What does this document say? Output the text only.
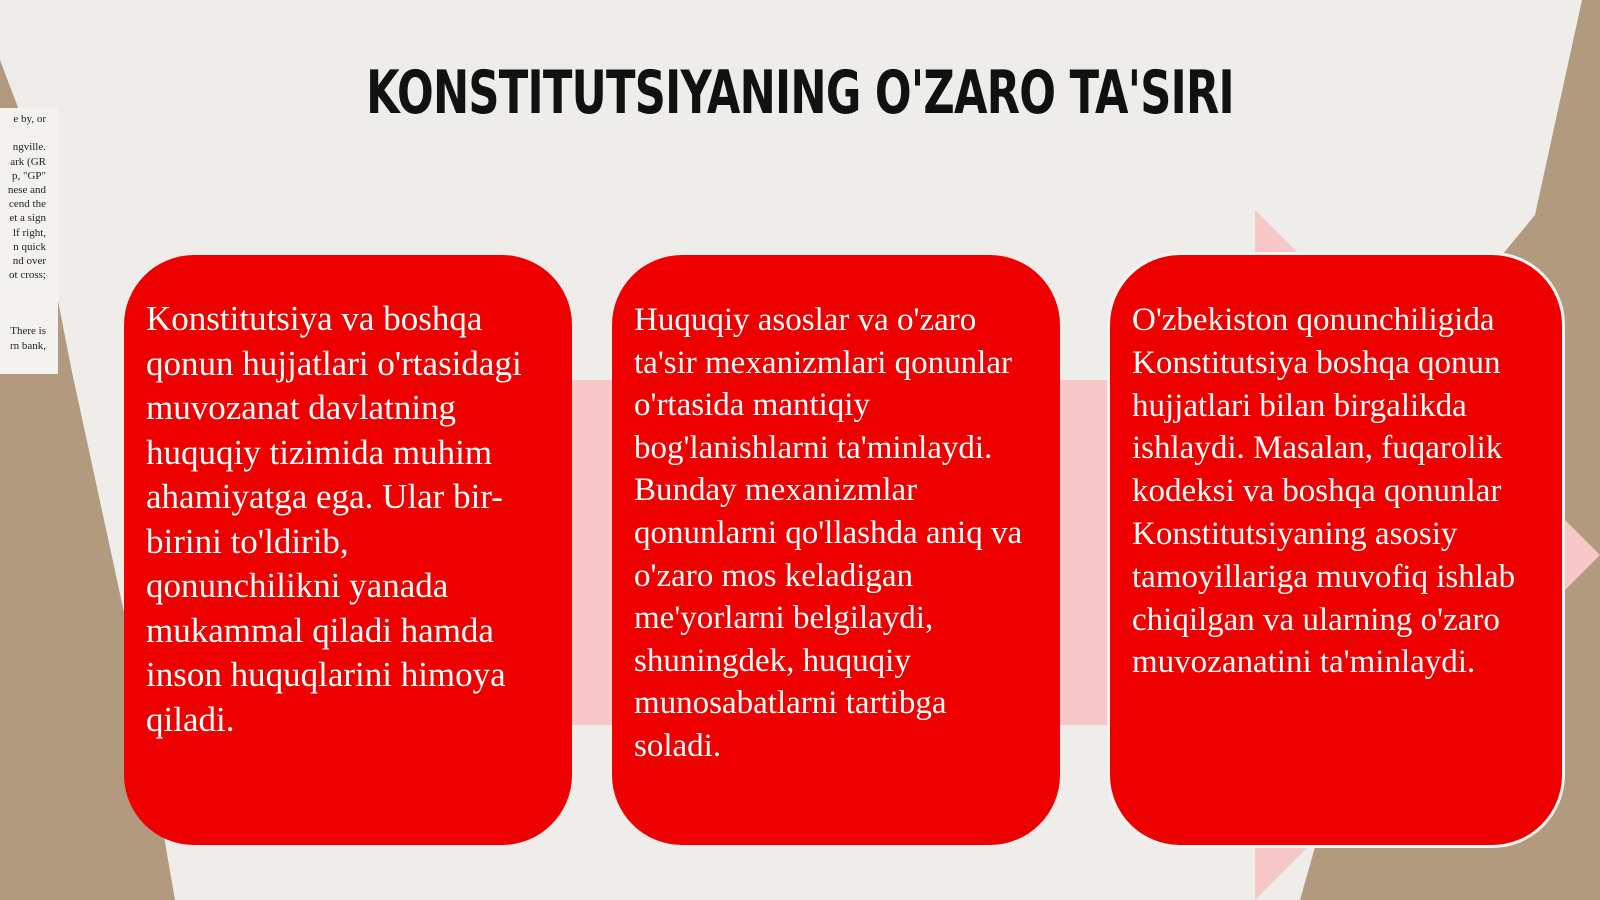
e by, or
ngville.
ark (GR
p, "GP"
nese and
cend the
et a sign
lf right,
n quick
nd over
ot cross;
There is
rn bank,
KONSTITUTSIYANING O'ZARO TA'SIRI
Konstitutsiya va boshqa qonun hujjatlari o'rtasidagi muvozanat davlatning huquqiy tizimida muhim ahamiyatga ega. Ular bir-birini to'ldirib, qonunchilikni yanada mukammal qiladi hamda inson huquqlarini himoya qiladi.
Huquqiy asoslar va o'zaro ta'sir mexanizmlari qonunlar o'rtasida mantiqiy bog'lanishlarni ta'minlaydi. Bunday mexanizmlar qonunlarni qo'llashda aniq va o'zaro mos keladigan me'yorlarni belgilaydi, shuningdek, huquqiy munosabatlarni tartibga soladi.
O'zbekiston qonunchiligida Konstitutsiya boshqa qonun hujjatlari bilan birgalikda ishlaydi. Masalan, fuqarolik kodeksi va boshqa qonunlar Konstitutsiyaning asosiy tamoyillariga muvofiq ishlab chiqilgan va ularning o'zaro muvozanatini ta'minlaydi.
